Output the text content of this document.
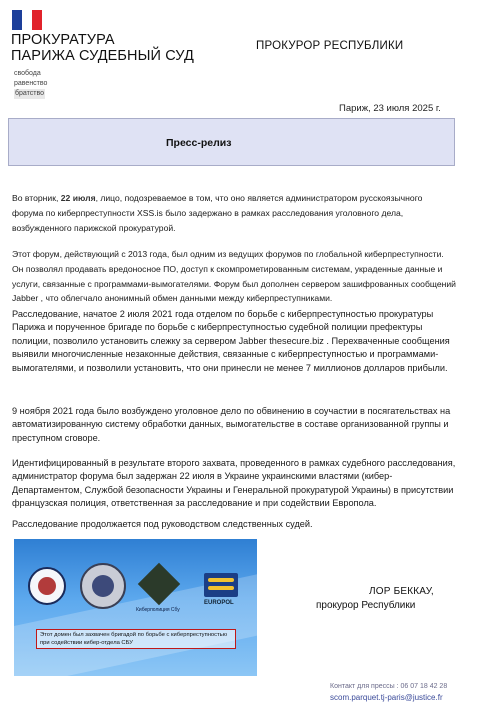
ПРОКУРАТУРА
ПАРИЖА СУДЕБНЫЙ СУД
ПРОКУРОР РЕСПУБЛИКИ
свобода
равенство
братство
Париж, 23 июля 2025 г.
Пресс-релиз
Во вторник, 22 июля, лицо, подозреваемое в том, что оно является администратором русскоязычного форума по киберпреступности XSS.is было задержано в рамках расследования уголовного дела, возбужденного парижской прокуратурой.
Этот форум, действующий с 2013 года, был одним из ведущих форумов по глобальной киберпреступности. Он позволял продавать вредоносное ПО, доступ к скомпрометированным системам, украденные данные и услуги, связанные с программами-вымогателями. Форум был дополнен сервером зашифрованных сообщений Jabber , что облегчало анонимный обмен данными между киберпреступниками.
Расследование, начатое 2 июля 2021 года отделом по борьбе с киберпреступностью прокуратуры Парижа и порученное бригаде по борьбе с киберпреступностью судебной полиции префектуры полиции, позволило установить слежку за сервером Jabber thesecure.biz . Перехваченные сообщения выявили многочисленные незаконные действия, связанные с киберпреступностью и программами-вымогателями, и позволили установить, что они принесли не менее 7 миллионов долларов прибыли.
9 ноября 2021 года было возбуждено уголовное дело по обвинению в соучастии в посягательствах на автоматизированную систему обработки данных, вымогательстве в составе организованной группы и преступном сговоре.
Идентифицированный в результате второго захвата, проведенного в рамках судебного расследования, администратор форума был задержан 22 июля в Украине украинскими властями (кибер-Департаментом, Службой безопасности Украины и Генеральной прокуратурой Украины) в присутствии французская полиция, ответственная за расследование и при содействии Европола.
Расследование продолжается под руководством следственных судей.
Киберполиция Сбу
EUROPOL
Этот домен был захвачен бригадой по борьбе с киберпреступностью при содействии кибер-отдела СБУ
ЛОР БЕККАУ,
прокурор Республики
Контакт для прессы : 06 07 18 42 28
scom.parquet.tj-paris@justice.fr
